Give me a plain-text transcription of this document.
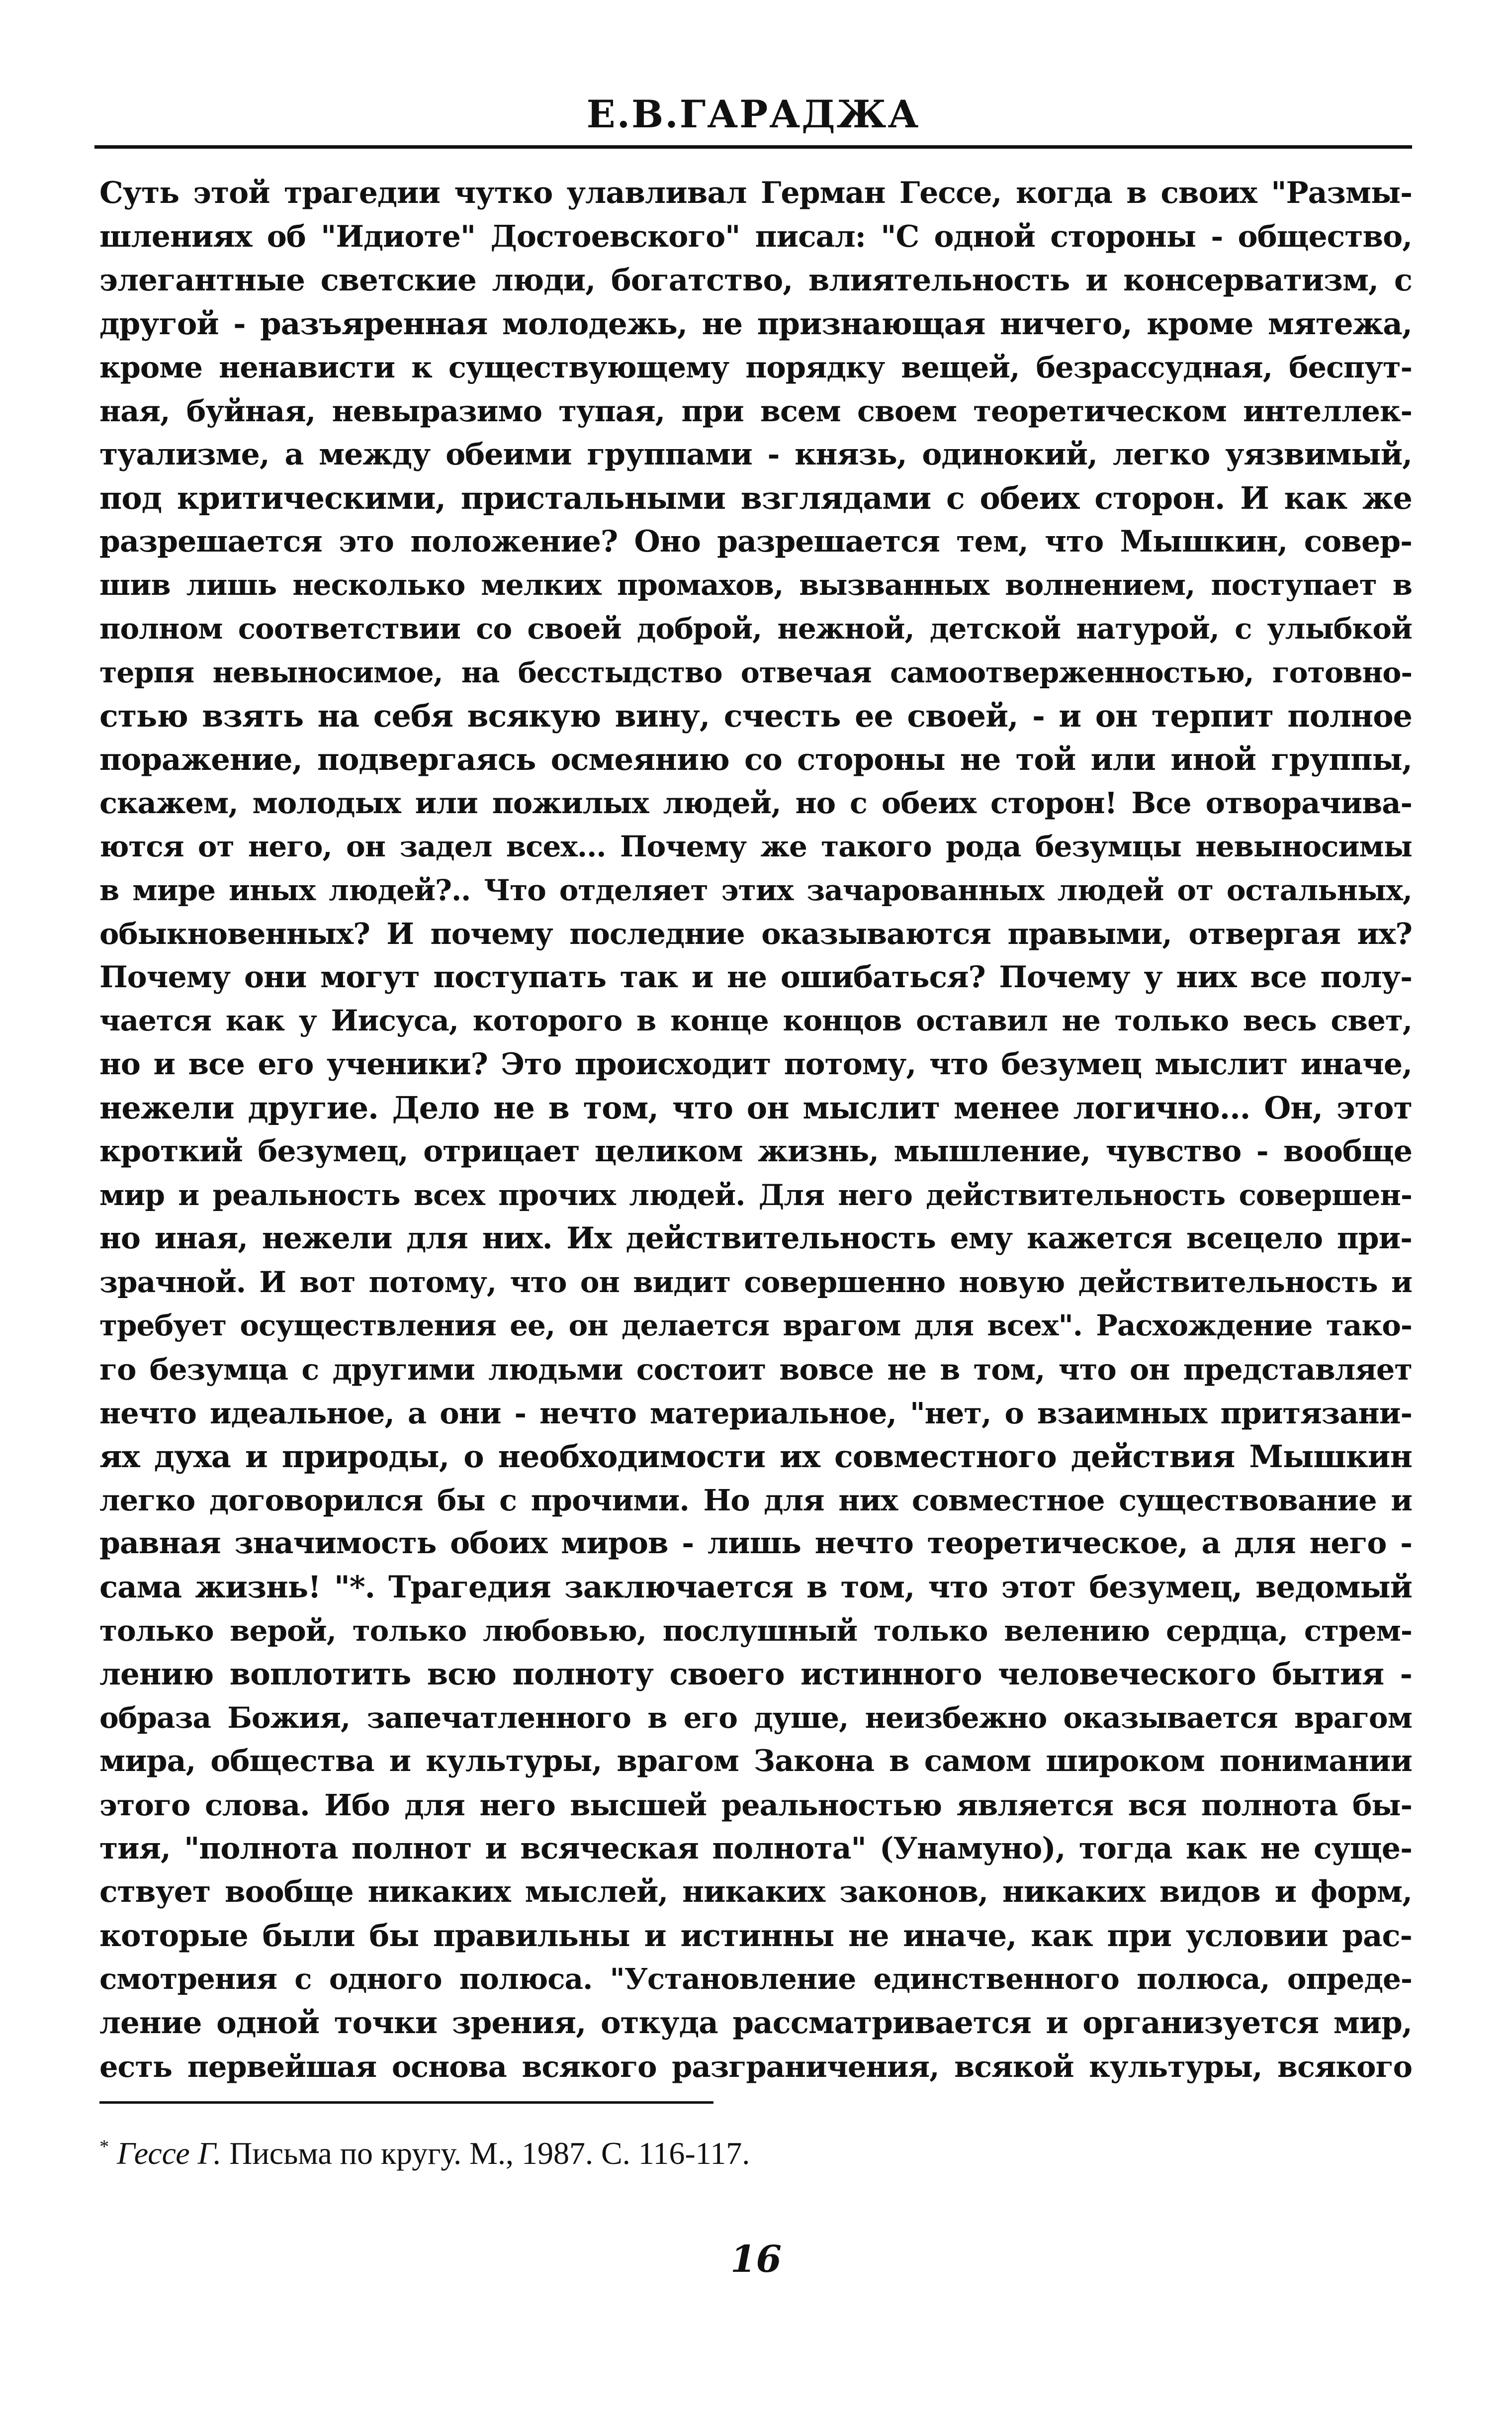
Е.В.ГАРАДЖА
Суть этой трагедии чутко улавливал Герман Гессе, когда в своих "Размы-
шлениях об "Идиоте" Достоевского" писал: "С одной стороны - общество,
элегантные светские люди, богатство, влиятельность и консерватизм, с
другой - разъяренная молодежь, не признающая ничего, кроме мятежа,
кроме ненависти к существующему порядку вещей, безрассудная, беспут-
ная, буйная, невыразимо тупая, при всем своем теоретическом интеллек-
туализме, а между обеими группами - князь, одинокий, легко уязвимый,
под критическими, пристальными взглядами с обеих сторон. И как же
разрешается это положение? Оно разрешается тем, что Мышкин, совер-
шив лишь несколько мелких промахов, вызванных волнением, поступает в
полном соответствии со своей доброй, нежной, детской натурой, с улыбкой
терпя невыносимое, на бесстыдство отвечая самоотверженностью, готовно-
стью взять на себя всякую вину, счесть ее своей, - и он терпит полное
поражение, подвергаясь осмеянию со стороны не той или иной группы,
скажем, молодых или пожилых людей, но с обеих сторон! Все отворачива-
ются от него, он задел всех... Почему же такого рода безумцы невыносимы
в мире иных людей?.. Что отделяет этих зачарованных людей от остальных,
обыкновенных? И почему последние оказываются правыми, отвергая их?
Почему они могут поступать так и не ошибаться? Почему у них все полу-
чается как у Иисуса, которого в конце концов оставил не только весь свет,
но и все его ученики? Это происходит потому, что безумец мыслит иначе,
нежели другие. Дело не в том, что он мыслит менее логично... Он, этот
кроткий безумец, отрицает целиком жизнь, мышление, чувство - вообще
мир и реальность всех прочих людей. Для него действительность совершен-
но иная, нежели для них. Их действительность ему кажется всецело при-
зрачной. И вот потому, что он видит совершенно новую действительность и
требует осуществления ее, он делается врагом для всех". Расхождение тако-
го безумца с другими людьми состоит вовсе не в том, что он представляет
нечто идеальное, а они - нечто материальное, "нет, о взаимных притязани-
ях духа и природы, о необходимости их совместного действия Мышкин
легко договорился бы с прочими. Но для них совместное существование и
равная значимость обоих миров - лишь нечто теоретическое, а для него -
сама жизнь! "*. Трагедия заключается в том, что этот безумец, ведомый
только верой, только любовью, послушный только велению сердца, стрем-
лению воплотить всю полноту своего истинного человеческого бытия -
образа Божия, запечатленного в его душе, неизбежно оказывается врагом
мира, общества и культуры, врагом Закона в самом широком понимании
этого слова. Ибо для него высшей реальностью является вся полнота бы-
тия, "полнота полнот и всяческая полнота" (Унамуно), тогда как не суще-
ствует вообще никаких мыслей, никаких законов, никаких видов и форм,
которые были бы правильны и истинны не иначе, как при условии рас-
смотрения с одного полюса. "Установление единственного полюса, опреде-
ление одной точки зрения, откуда рассматривается и организуется мир,
есть первейшая основа всякого разграничения, всякой культуры, всякого
* Гессе Г. Письма по кругу. М., 1987. С. 116-117.
16
